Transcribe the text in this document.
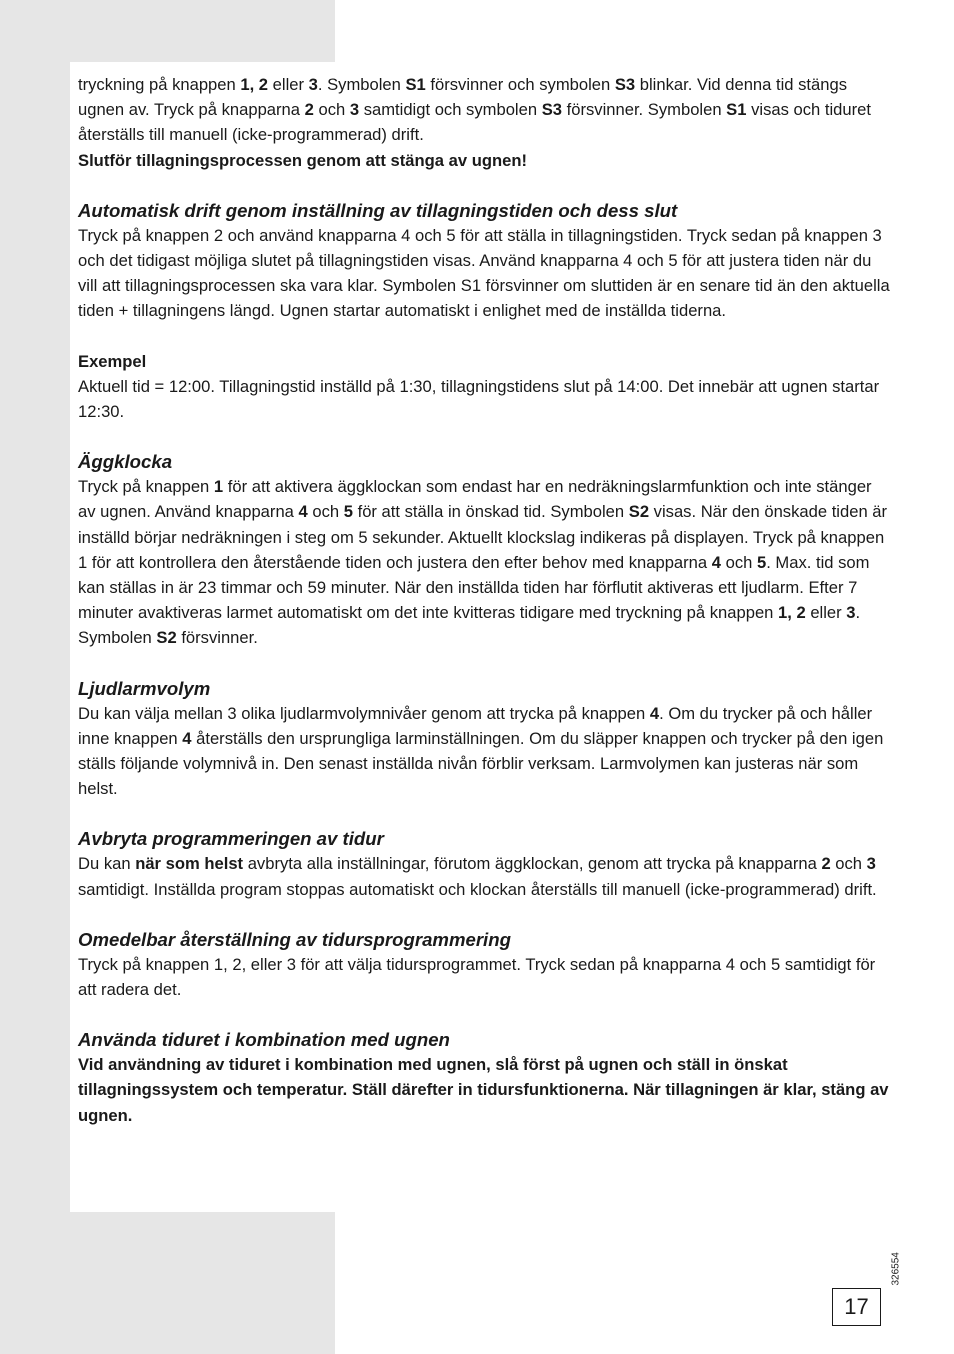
tryckning på knappen 1, 2 eller 3. Symbolen S1 försvinner och symbolen S3 blinkar. Vid denna tid stängs ugnen av. Tryck på knapparna 2 och 3 samtidigt och symbolen S3 försvinner. Symbolen S1 visas och tiduret återställs till manuell (icke-programmerad) drift.

Slutför tillagningsprocessen genom att stänga av ugnen!

Automatisk drift genom inställning av tillagningstiden och dess slut

Tryck på knappen 2 och använd knapparna 4 och 5 för att ställa in tillagningstiden. Tryck sedan på knappen 3 och det tidigast möjliga slutet på tillagningstiden visas. Använd knapparna 4 och 5 för att justera tiden när du vill att tillagningsprocessen ska vara klar. Symbolen S1 försvinner om sluttiden är en senare tid än den aktuella tiden + tillagningens längd. Ugnen startar automatiskt i enlighet med de inställda tiderna.

Exempel

Aktuell tid = 12:00. Tillagningstid inställd på 1:30, tillagningstidens slut på 14:00. Det innebär att ugnen startar 12:30.

Äggklocka

Tryck på knappen 1 för att aktivera äggklockan som endast har en nedräkningslarmfunktion och inte stänger av ugnen. Använd knapparna 4 och 5 för att ställa in önskad tid. Symbolen S2 visas. När den önskade tiden är inställd börjar nedräkningen i steg om 5 sekunder. Aktuellt klockslag indikeras på displayen. Tryck på knappen 1 för att kontrollera den återstående tiden och justera den efter behov med knapparna 4 och 5. Max. tid som kan ställas in är 23 timmar och 59 minuter. När den inställda tiden har förflutit aktiveras ett ljudlarm. Efter 7 minuter avaktiveras larmet automatiskt om det inte kvitteras tidigare med tryckning på knappen 1, 2 eller 3. Symbolen S2 försvinner.

Ljudlarmvolym

Du kan välja mellan 3 olika ljudlarmvolymnivåer genom att trycka på knappen 4. Om du trycker på och håller inne knappen 4 återställs den ursprungliga larminställningen. Om du släpper knappen och trycker på den igen ställs följande volymnivå in. Den senast inställda nivån förblir verksam. Larmvolymen kan justeras när som helst.

Avbryta programmeringen av tidur

Du kan när som helst avbryta alla inställningar, förutom äggklockan, genom att trycka på knapparna 2 och 3 samtidigt. Inställda program stoppas automatiskt och klockan återställs till manuell (icke-programmerad) drift.

Omedelbar återställning av tidursprogrammering

Tryck på knappen 1, 2, eller 3 för att välja tidursprogrammet. Tryck sedan på knapparna 4 och 5 samtidigt för att radera det.

Använda tiduret i kombination med ugnen

Vid användning av tiduret i kombination med ugnen, slå först på ugnen och ställ in önskat tillagningssystem och temperatur. Ställ därefter in tidursfunktionerna. När tillagningen är klar, stäng av ugnen.

326554
17
